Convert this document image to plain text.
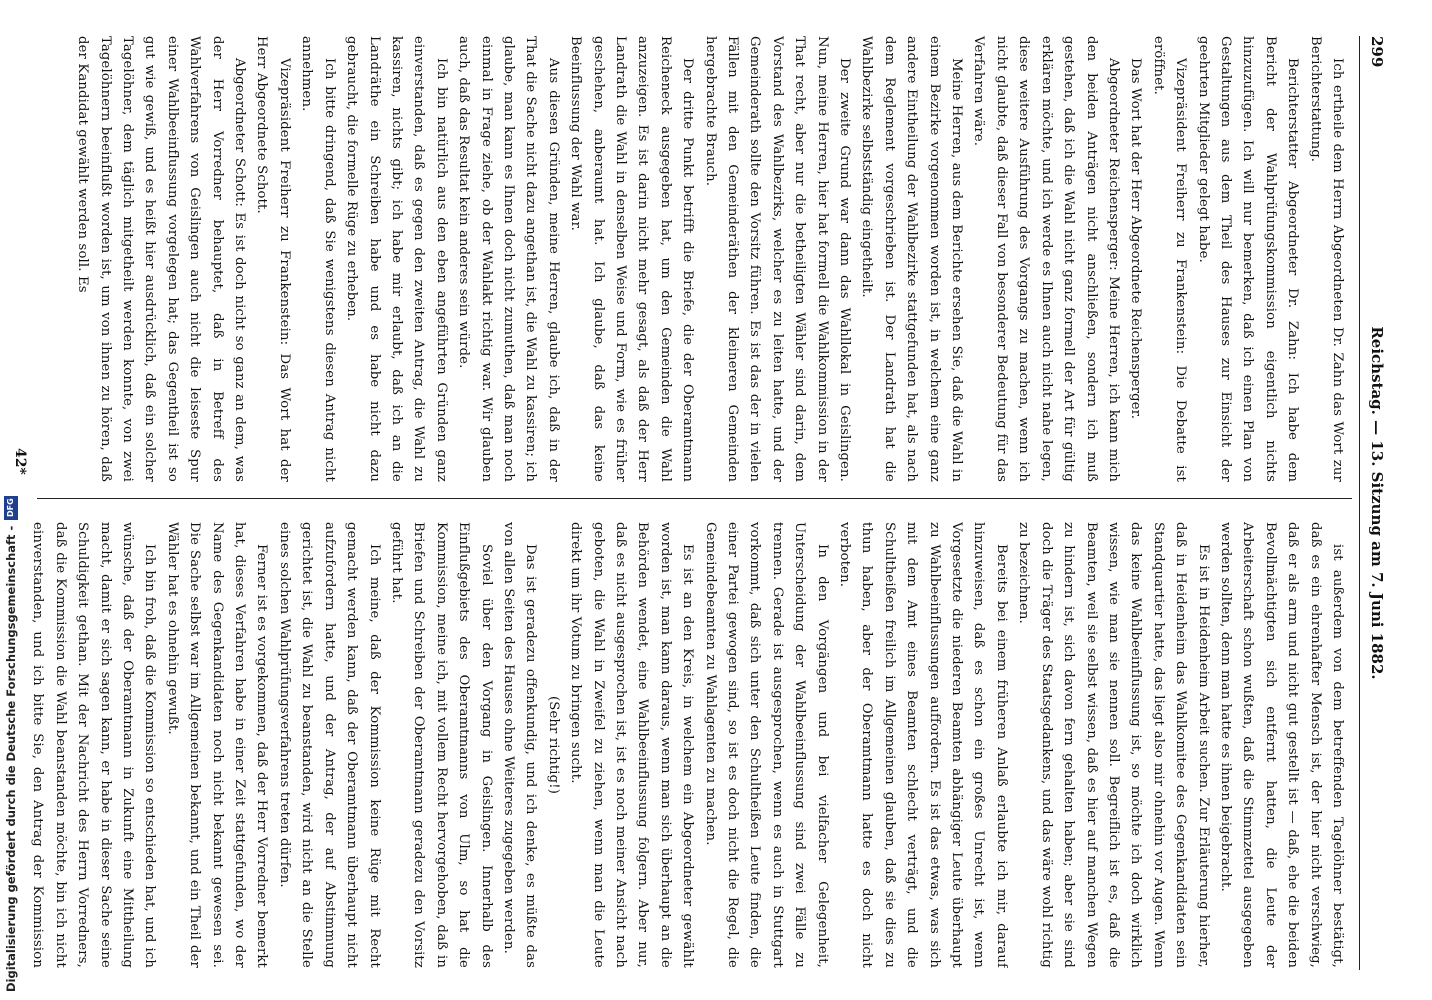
299
Reichstag. — 13. Sitzung am 7. Juni 1882.

Ich ertheile dem Herrn Abgeordneten Dr. Zahn das Wort zur Berichterstattung.

Berichterstatter Abgeordneter Dr. Zahn: Ich habe dem Bericht der Wahlprüfungskommission eigentlich nichts hinzuzufügen. Ich will nur bemerken, daß ich einen Plan von Gestaltungen aus dem Theil des Hauses zur Einsicht der geehrten Mitglieder gelegt habe.

Vizepräsident Freiherr zu Frankenstein: Die Debatte ist eröffnet.

Das Wort hat der Herr Abgeordnete Reichensperger.

Abgeordneter Reichensperger: Meine Herren, ich kann mich den beiden Anträgen nicht anschließen, sondern ich muß gestehen, daß ich die Wahl nicht ganz formell der Art für gültig erklären möchte, und ich werde es Ihnen auch nicht nahe legen, diese weitere Ausführung des Vorgangs zu machen, wenn ich nicht glaubte, daß dieser Fall von besonderer Bedeutung für das Verfahren wäre.

Meine Herren, aus dem Berichte ersehen Sie, daß die Wahl in einem Bezirke vorgenommen worden ist, in welchem eine ganz andere Eintheilung der Wahlbezirke stattgefunden hat, als nach dem Reglement vorgeschrieben ist. Der Landrath hat die Wahlbezirke selbstständig eingetheilt.

Der zweite Grund war dann das Wahllokal in Geislingen. Nun, meine Herren, hier hat formell die Wahlkommission in der That recht, aber nur die betheiligten Wähler sind darin, dem Vorstand des Wahlbezirks, welcher es zu leiten hatte, und der Gemeinderath sollte den Vorsitz führen. Es ist das der in vielen Fällen mit den Gemeinderäthen der kleineren Gemeinden hergebrachte Brauch.

Der dritte Punkt betrifft die Briefe, die der Oberamtmann Reicheneck ausgegeben hat, um den Gemeinden die Wahl anzuzeigen. Es ist darin nicht mehr gesagt, als daß der Herr Landrath die Wahl in denselben Weise und Form, wie es früher geschehen, anberaumt hat. Ich glaube, daß das keine Beeinflussung der Wahl war.

Aus diesen Gründen, meine Herren, glaube ich, daß in der That die Sache nicht dazu angethan ist, die Wahl zu kassiren; ich glaube, man kann es Ihnen doch nicht zumuthen, daß man noch einmal in Frage ziehe, ob der Wahlakt richtig war. Wir glauben auch, daß das Resultat kein anderes sein würde.

Ich bin natürlich aus den eben angeführten Gründen ganz einverstanden, daß es gegen den zweiten Antrag, die Wahl zu kassiren, nichts gibt; ich habe mir erlaubt, daß ich an die Landräthe ein Schreiben habe und es habe nicht dazu gebraucht, die formelle Rüge zu erheben.

Ich bitte dringend, daß Sie wenigstens diesen Antrag nicht annehmen.

Vizepräsident Freiherr zu Frankenstein: Das Wort hat der Herr Abgeordnete Schott.

Abgeordneter Schott: Es ist doch nicht so ganz an dem, was der Herr Vorredner behauptet, daß in Betreff des Wahlverfahrens von Geislingen auch nicht die leiseste Spur einer Wahlbeeinflussung vorgelegen hat; das Gegentheil ist so gut wie gewiß, und es heißt hier ausdrücklich, daß ein solcher Tagelöhner, dem täglich mitgetheilt werden konnte, von zwei Tagelöhnern beeinflußt worden ist, um von ihnen zu hören, daß der Kandidat gewählt werden soll. Es

ist außerdem von dem betreffenden Tagelöhner bestätigt, daß es ein ehrenhafter Mensch ist, der hier nicht verschwieg, daß er als arm und nicht gut gestellt ist — daß, ehe die beiden Bevollmächtigten sich entfernt hatten, die Leute der Arbeiterschaft schon wußten, daß die Stimmzettel ausgegeben werden sollten, denn man hatte es ihnen beigebracht.

Es ist in Heidenheim Arbeit suchen. Zur Erläuterung hierher, daß in Heidenheim das Wahlkomitee des Gegenkandidaten sein Standquartier hatte, das liegt also mir ohnehin vor Augen. Wenn das keine Wahlbeeinflussung ist, so möchte ich doch wirklich wissen, wie man sie nennen soll. Begreiflich ist es, daß die Beamten, weil sie selbst wissen, daß es hier auf manchen Wegen zu hindern ist, sich davon fern gehalten haben; aber sie sind doch die Träger des Staatsgedankens, und das wäre wohl richtig zu bezeichnen.

Bereits bei einem früheren Anlaß erlaubte ich mir, darauf hinzuweisen, daß es schon ein großes Unrecht ist, wenn Vorgesetzte die niederen Beamten abhängiger Leute überhaupt zu Wahlbeeinflussungen auffordern. Es ist das etwas, was sich mit dem Amt eines Beamten schlecht verträgt, und die Schultheißen freilich im Allgemeinen glauben, daß sie dies zu thun haben, aber der Oberamtmann hatte es doch nicht verboten.

In den Vorgängen und bei vielfacher Gelegenheit, Unterscheidung der Wahlbeeinflussung sind zwei Fälle zu trennen. Gerade ist ausgesprochen, wenn es auch in Stuttgart vorkommt, daß sich unter den Schultheißen Leute finden, die einer Partei gewogen sind, so ist es doch nicht die Regel, die Gemeindebeamten zu Wahlagenten zu machen.

Es ist an den Kreis, in welchem ein Abgeordneter gewählt worden ist, man kann daraus, wenn man sich überhaupt an die Behörden wendet, eine Wahlbeeinflussung folgern. Aber nur, daß es nicht ausgesprochen ist, ist es noch meiner Ansicht nach geboten, die Wahl in Zweifel zu ziehen, wenn man die Leute direkt um ihr Votum zu bringen sucht.

(Sehr richtig!)

Das ist geradezu offenkundig, und ich denke, es müßte das von allen Seiten des Hauses ohne Weiteres zugegeben werden.

Soviel über den Vorgang in Geislingen. Innerhalb des Einflußgebiets des Oberamtmanns von Ulm, so hat die Kommission, meine ich, mit vollem Recht hervorgehoben, daß in Briefen und Schreiben der Oberamtmann geradezu den Vorsitz geführt hat.

Ich meine, daß der Kommission keine Rüge mit Recht gemacht werden kann, daß der Oberamtmann überhaupt nicht aufzufordern hatte, und der Antrag, der auf Abstimmung gerichtet ist, die Wahl zu beanstanden, wird nicht an die Stelle eines solchen Wahlprüfungsverfahrens treten dürfen.

Ferner ist es vorgekommen, daß der Herr Vorredner bemerkt hat, dieses Verfahren habe in einer Zeit stattgefunden, wo der Name des Gegenkandidaten noch nicht bekannt gewesen sei. Die Sache selbst war im Allgemeinen bekannt, und ein Theil der Wähler hat es ohnehin gewußt.

Ich bin froh, daß die Kommission so entschieden hat, und ich wünsche, daß der Oberamtmann in Zukunft eine Mittheilung macht, damit er sich sagen kann, er habe in dieser Sache seine Schuldigkeit gethan. Mit der Nachricht des Herrn Vorredners, daß die Kommission die Wahl beanstanden möchte, bin ich nicht einverstanden, und ich bitte Sie, den Antrag der Kommission

42*
Digitalisierung gefördert durch die Deutsche Forschungsgemeinschaft -
DFG
